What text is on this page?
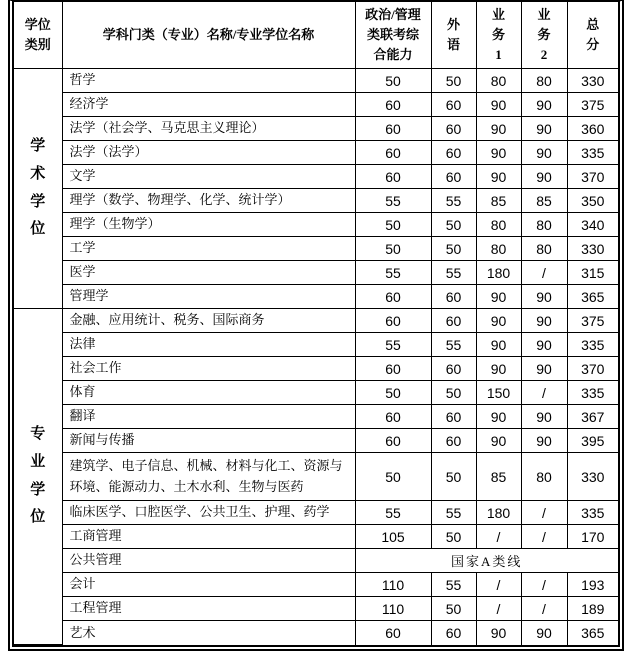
学位类别	学科门类（专业）名称/专业学位名称	政治/管理类联考综合能力	外语	业务1	业务2	总分

学术学位	哲学	50	50	80	80	330
	经济学	60	60	90	90	375
	法学（社会学、马克思主义理论）	60	60	90	90	360
	法学（法学）	60	60	90	90	335
	文学	60	60	90	90	370
	理学（数学、物理学、化学、统计学）	55	55	85	85	350
	理学（生物学）	50	50	80	80	340
	工学	50	50	80	80	330
	医学	55	55	180	/	315
	管理学	60	60	90	90	365

专业学位	金融、应用统计、税务、国际商务	60	60	90	90	375
	法律	55	55	90	90	335
	社会工作	60	60	90	90	370
	体育	50	50	150	/	335
	翻译	60	60	90	90	367
	新闻与传播	60	60	90	90	395
	建筑学、电子信息、机械、材料与化工、资源与环境、能源动力、土木水利、生物与医药	50	50	85	80	330
	临床医学、口腔医学、公共卫生、护理、药学	55	55	180	/	335
	工商管理	105	50	/	/	170
	公共管理	国家A类线				
	会计	110	55	/	/	193
	工程管理	110	50	/	/	189
	艺术	60	60	90	90	365
